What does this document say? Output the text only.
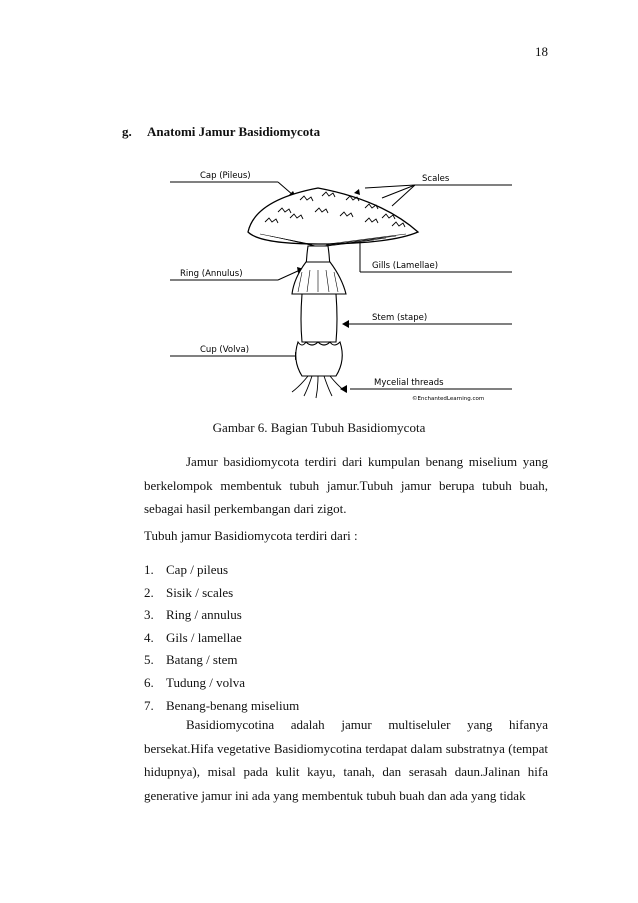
18
g. Anatomi Jamur Basidiomycota
Cap (Pileus)	Scales
Ring (Annulus)
Gills (Lamellae)
Stem (stape)
Cup (Volva)
Mycelial threads
©EnchantedLearning.com
Gambar 6. Bagian Tubuh Basidiomycota

Jamur basidiomycota terdiri dari kumpulan benang miselium yang berkelompok membentuk tubuh jamur.Tubuh jamur berupa tubuh buah, sebagai hasil perkembangan dari zigot.

Tubuh jamur Basidiomycota terdiri dari :
1. Cap / pileus
2. Sisik / scales
3. Ring / annulus
4. Gils / lamellae
5. Batang / stem
6. Tudung / volva
7. Benang-benang miselium

Basidiomycotina adalah jamur multiseluler yang hifanya bersekat.Hifa vegetative Basidiomycotina terdapat dalam substratnya (tempat hidupnya), misal pada kulit kayu, tanah, dan serasah daun.Jalinan hifa generative jamur ini ada yang membentuk tubuh buah dan ada yang tidak
